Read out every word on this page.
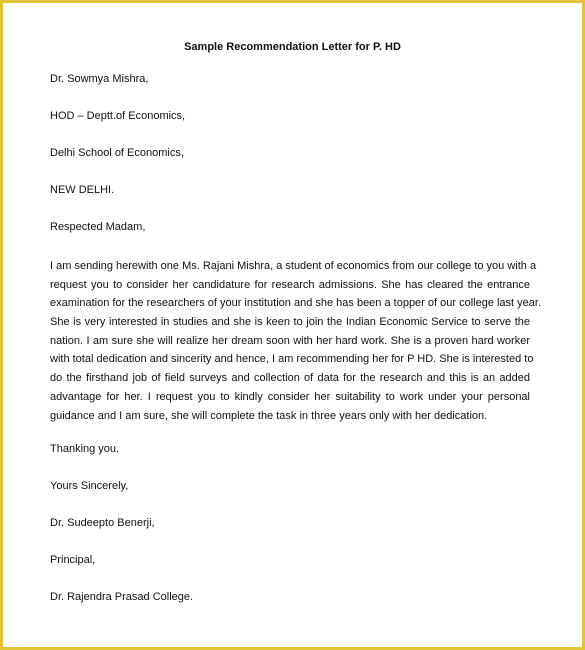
Sample Recommendation Letter for P. HD
Dr. Sowmya Mishra,
HOD – Deptt.of Economics,
Delhi School of Economics,
NEW DELHI.
Respected Madam,
I am sending herewith one Ms. Rajani Mishra, a student of economics from our college to you with a
request you to consider her candidature for research admissions. She has cleared the entrance
examination for the researchers of your institution and she has been a topper of our college last year.
She is very interested in studies and she is keen to join the Indian Economic Service to serve the
nation. I am sure she will realize her dream soon with her hard work. She is a proven hard worker
with total dedication and sincerity and hence, I am recommending her for P HD. She is interested to
do the firsthand job of field surveys and collection of data for the research and this is an added
advantage for her. I request you to kindly consider her suitability to work under your personal
guidance and I am sure, she will complete the task in three years only with her dedication.
Thanking you.
Yours Sincerely,
Dr. Sudeepto Benerji,
Principal,
Dr. Rajendra Prasad College.
